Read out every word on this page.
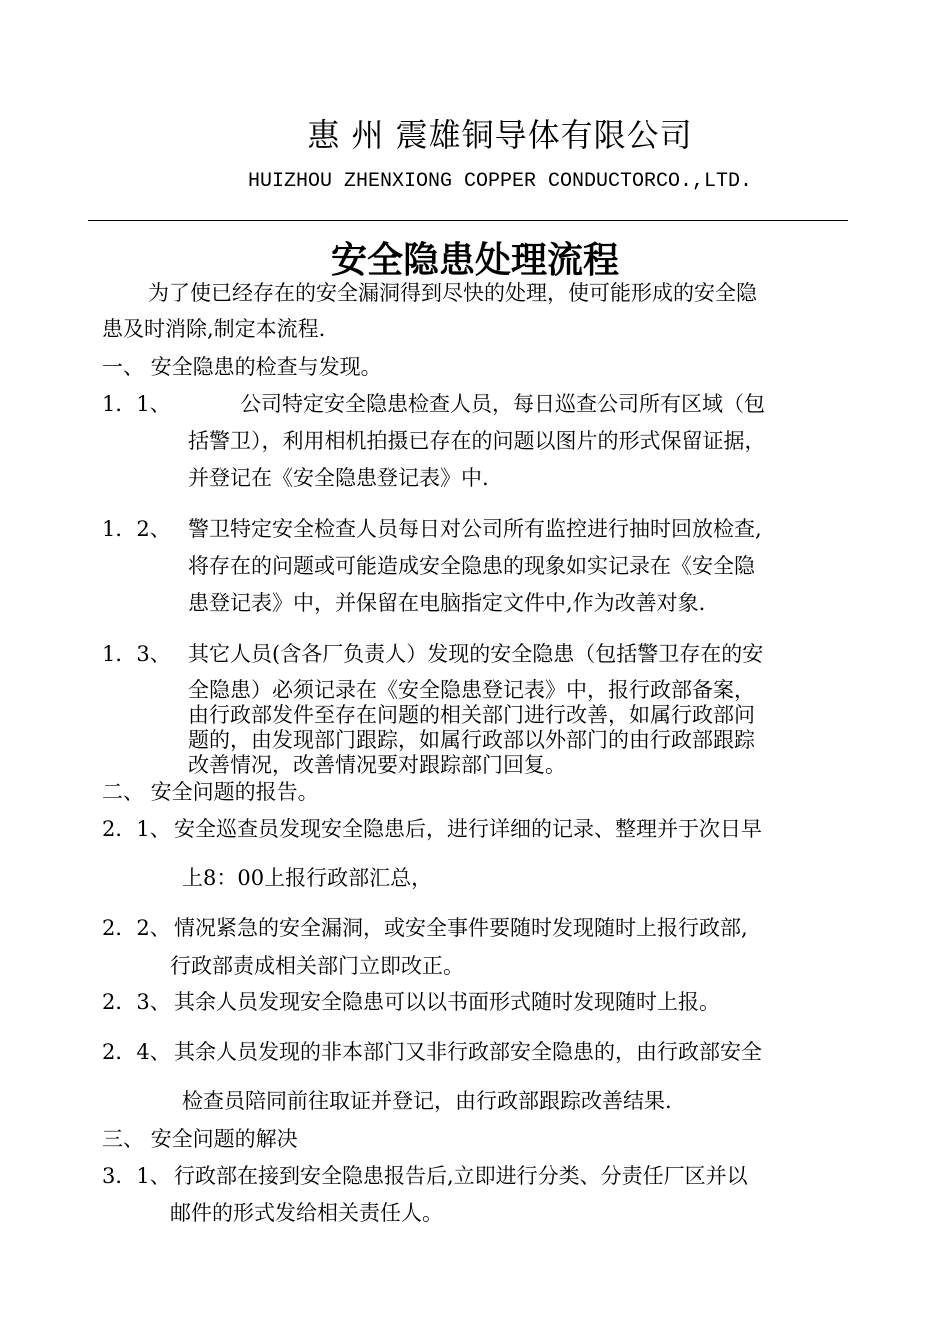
惠 州 震雄铜导体有限公司
HUIZHOU ZHENXIONG COPPER CONDUCTORCO.,LTD.
安全隐患处理流程
为了使已经存在的安全漏洞得到尽快的处理，使可能形成的安全隐
患及时消除,制定本流程.
一、 安全隐患的检查与发现。
1．1、	公司特定安全隐患检查人员，每日巡查公司所有区域（包
括警卫），利用相机拍摄已存在的问题以图片的形式保留证据，
并登记在《安全隐患登记表》中.
1．2、 警卫特定安全检查人员每日对公司所有监控进行抽时回放检查,
将存在的问题或可能造成安全隐患的现象如实记录在《安全隐
患登记表》中，并保留在电脑指定文件中,作为改善对象.
1．3、 其它人员(含各厂负责人）发现的安全隐患（包括警卫存在的安
全隐患）必须记录在《安全隐患登记表》中，报行政部备案，
由行政部发件至存在问题的相关部门进行改善，如属行政部问
题的，由发现部门跟踪，如属行政部以外部门的由行政部跟踪
改善情况，改善情况要对跟踪部门回复。
二、 安全问题的报告。
2．1、 安全巡查员发现安全隐患后，进行详细的记录、整理并于次日早
上8：00上报行政部汇总，
2．2、 情况紧急的安全漏洞，或安全事件要随时发现随时上报行政部,
行政部责成相关部门立即改正。
2．3、 其余人员发现安全隐患可以以书面形式随时发现随时上报。
2．4、 其余人员发现的非本部门又非行政部安全隐患的，由行政部安全
检查员陪同前往取证并登记，由行政部跟踪改善结果.
三、 安全问题的解决
3．1、 行政部在接到安全隐患报告后,立即进行分类、分责任厂区并以
邮件的形式发给相关责任人。
